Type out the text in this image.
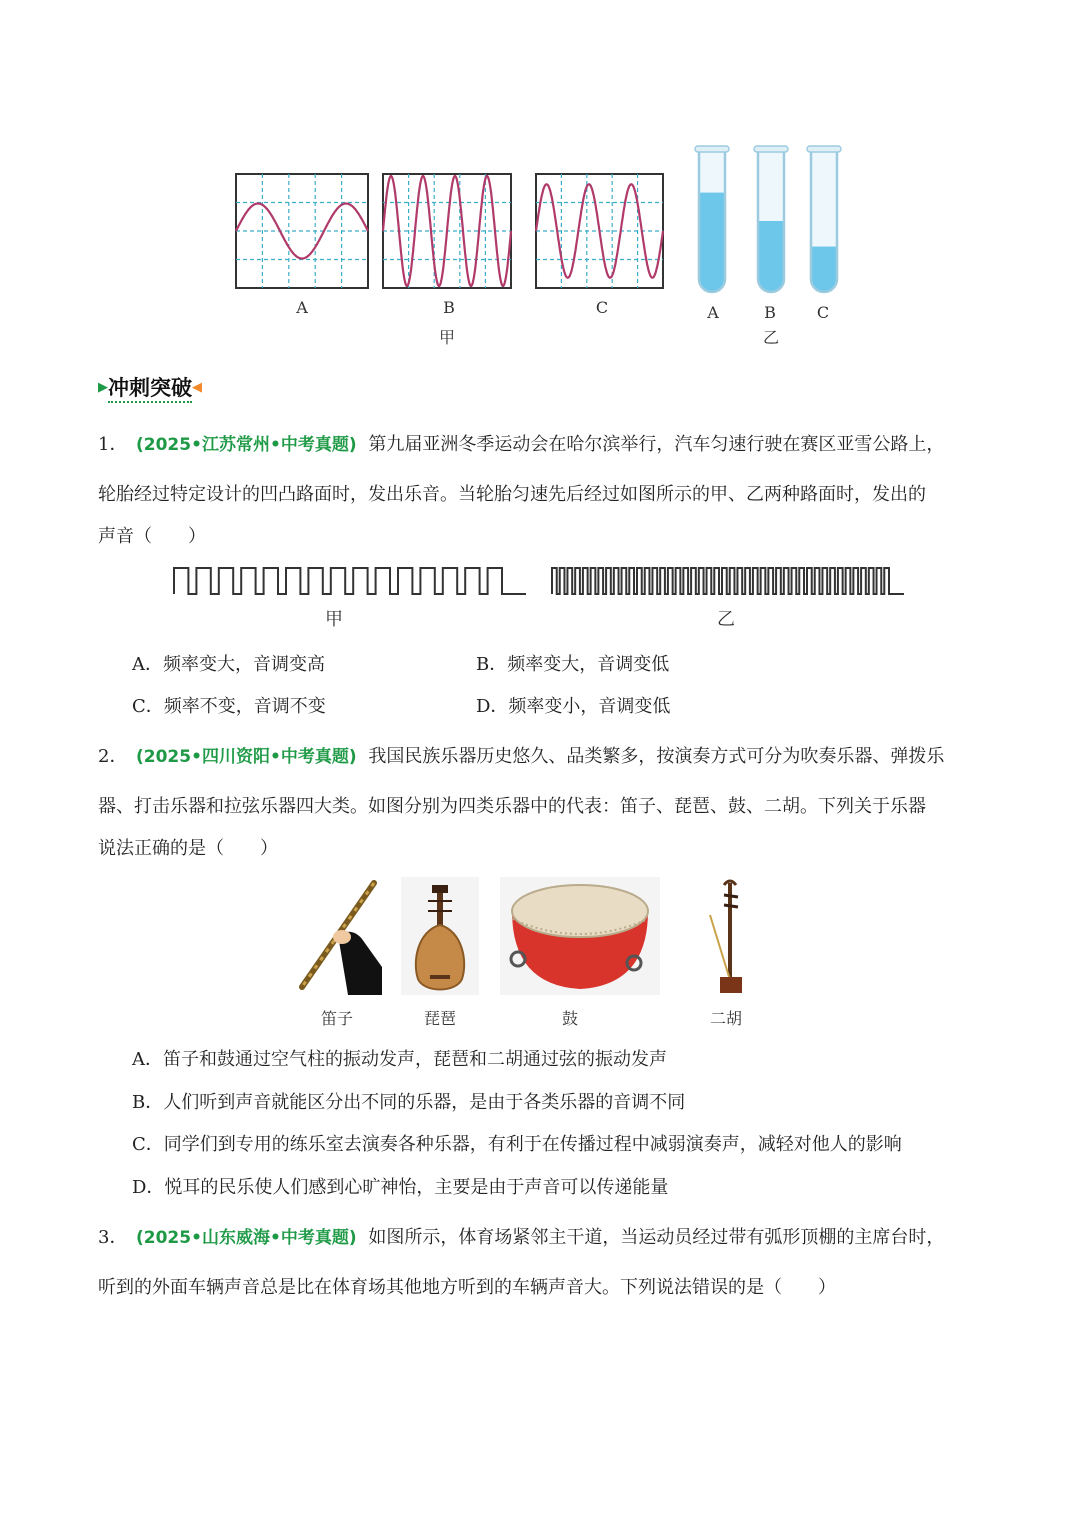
A	B	C
甲
A	B	C
乙
▶冲刺突破◀
1． (2025•江苏常州•中考真题) 第九届亚洲冬季运动会在哈尔滨举行，汽车匀速行驶在赛区亚雪公路上，
轮胎经过特定设计的凹凸路面时，发出乐音。当轮胎匀速先后经过如图所示的甲、乙两种路面时，发出的
声音（　　）
甲	乙
A．频率变大，音调变高	B．频率变大，音调变低
C．频率不变，音调不变	D．频率变小，音调变低
2． (2025•四川资阳•中考真题) 我国民族乐器历史悠久、品类繁多，按演奏方式可分为吹奏乐器、弹拨乐
器、打击乐器和拉弦乐器四大类。如图分别为四类乐器中的代表：笛子、琵琶、鼓、二胡。下列关于乐器
说法正确的是（　　）
笛子	琵琶	鼓	二胡
A．笛子和鼓通过空气柱的振动发声，琵琶和二胡通过弦的振动发声
B．人们听到声音就能区分出不同的乐器，是由于各类乐器的音调不同
C．同学们到专用的练乐室去演奏各种乐器，有利于在传播过程中减弱演奏声，减轻对他人的影响
D．悦耳的民乐使人们感到心旷神怡，主要是由于声音可以传递能量
3． (2025•山东威海•中考真题) 如图所示，体育场紧邻主干道，当运动员经过带有弧形顶棚的主席台时，
听到的外面车辆声音总是比在体育场其他地方听到的车辆声音大。下列说法错误的是（　　）
